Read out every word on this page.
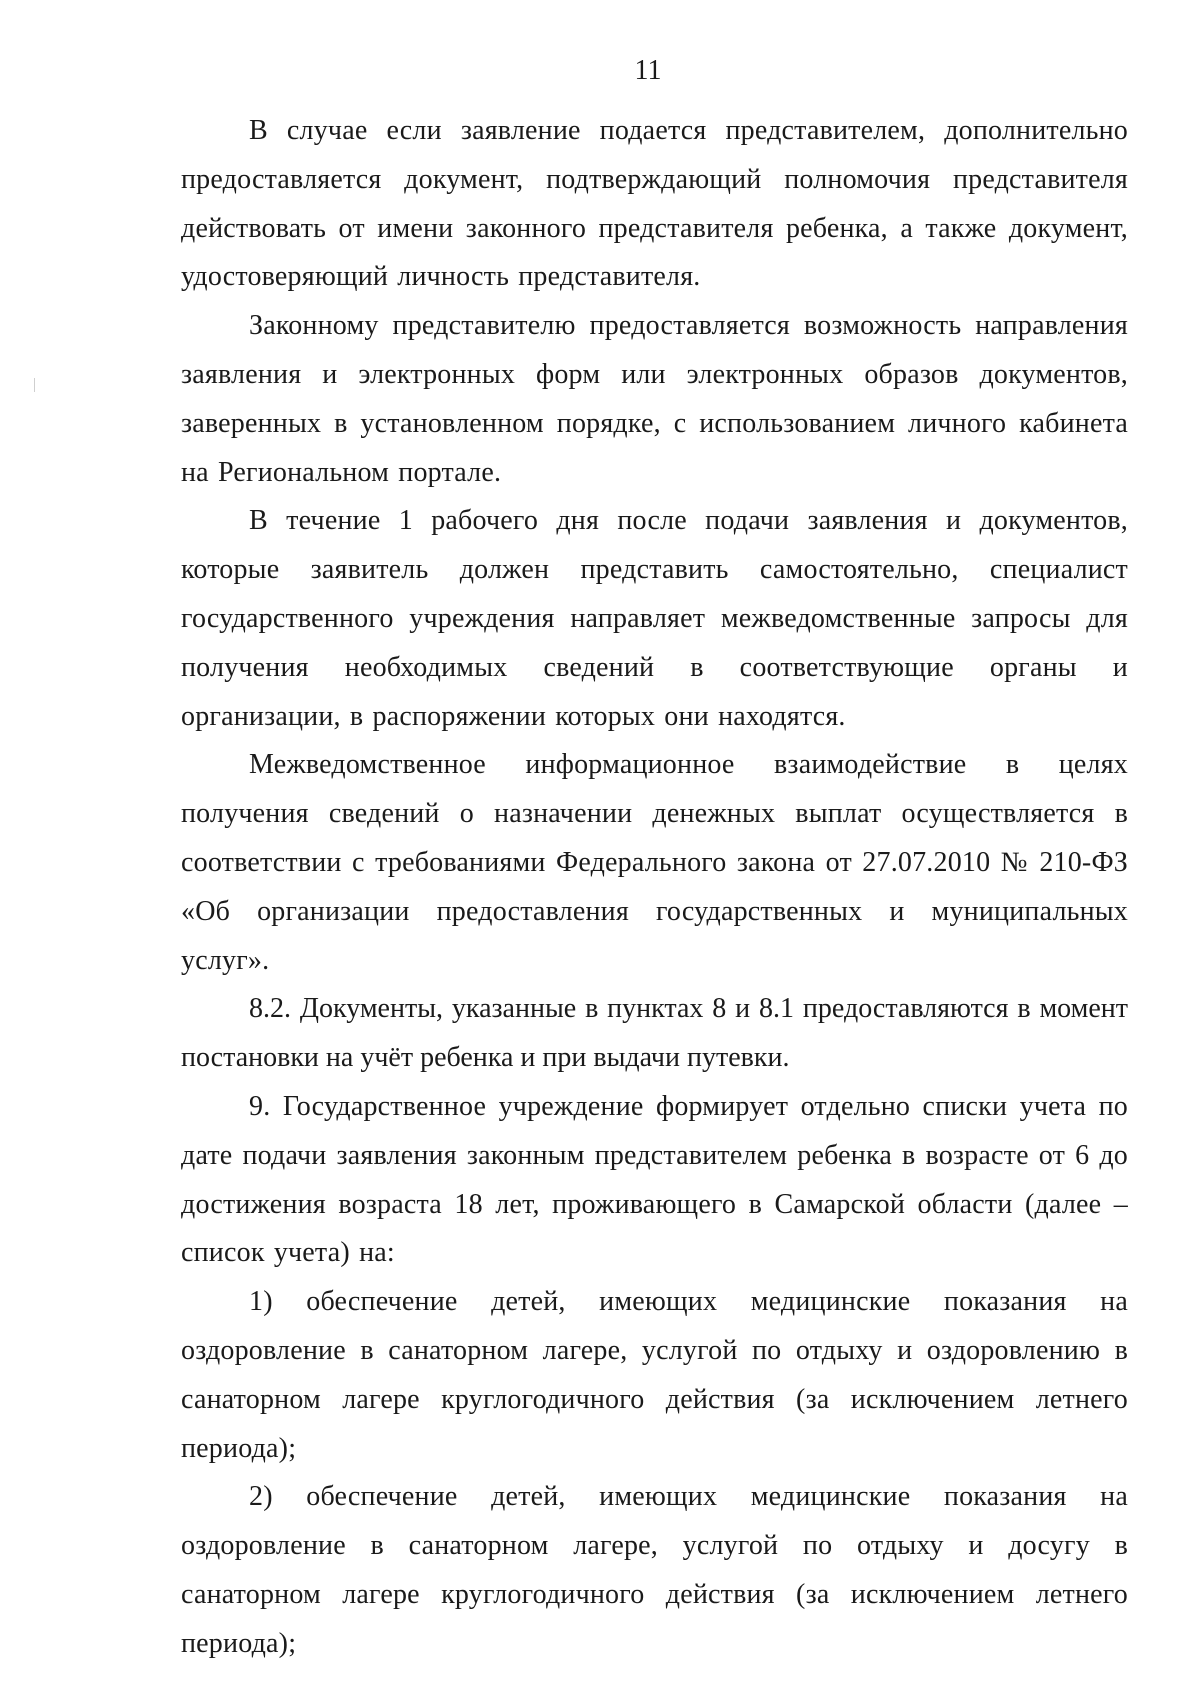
11

В случае если заявление подается представителем, дополнительно предоставляется документ, подтверждающий полномочия представителя действовать от имени законного представителя ребенка, а также документ, удостоверяющий личность представителя.

Законному представителю предоставляется возможность направления заявления и электронных форм или электронных образов документов, заверенных в установленном порядке, с использованием личного кабинета на Региональном портале.

В течение 1 рабочего дня после подачи заявления и документов, которые заявитель должен представить самостоятельно, специалист государственного учреждения направляет межведомственные запросы для получения необходимых сведений в соответствующие органы и организации, в распоряжении которых они находятся.

Межведомственное информационное взаимодействие в целях получения сведений о назначении денежных выплат осуществляется в соответствии с требованиями Федерального закона от 27.07.2010 № 210-ФЗ «Об организации предоставления государственных и муниципальных услуг».

8.2. Документы, указанные в пунктах 8 и 8.1 предоставляются в момент постановки на учёт ребенка и при выдачи путевки.

9. Государственное учреждение формирует отдельно списки учета по дате подачи заявления законным представителем ребенка в возрасте от 6 до достижения возраста 18 лет, проживающего в Самарской области (далее – список учета) на:

1) обеспечение детей, имеющих медицинские показания на оздоровление в санаторном лагере, услугой по отдыху и оздоровлению в санаторном лагере круглогодичного действия (за исключением летнего периода);

2) обеспечение детей, имеющих медицинские показания на оздоровление в санаторном лагере, услугой по отдыху и досугу в санаторном лагере круглогодичного действия (за исключением летнего периода);
